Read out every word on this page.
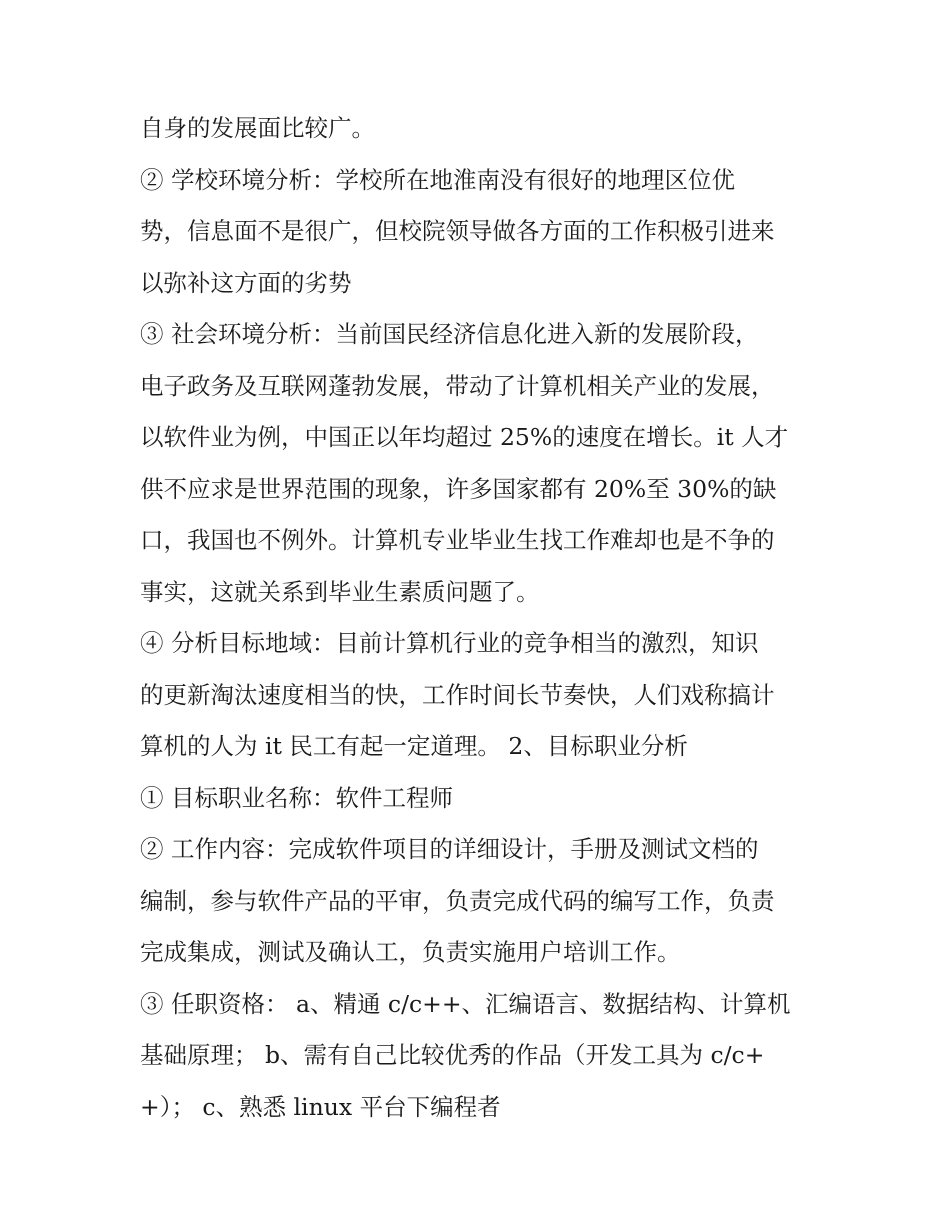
自身的发展面比较广。
② 学校环境分析：学校所在地淮南没有很好的地理区位优
势，信息面不是很广，但校院领导做各方面的工作积极引进来
以弥补这方面的劣势
③ 社会环境分析：当前国民经济信息化进入新的发展阶段，
电子政务及互联网蓬勃发展，带动了计算机相关产业的发展，
以软件业为例，中国正以年均超过 25%的速度在增长。it 人才
供不应求是世界范围的现象，许多国家都有 20%至 30%的缺
口，我国也不例外。计算机专业毕业生找工作难却也是不争的
事实，这就关系到毕业生素质问题了。
④ 分析目标地域：目前计算机行业的竞争相当的激烈，知识
的更新淘汰速度相当的快，工作时间长节奏快，人们戏称搞计
算机的人为 it 民工有起一定道理。 2、目标职业分析
① 目标职业名称：软件工程师
② 工作内容：完成软件项目的详细设计，手册及测试文档的
编制，参与软件产品的平审，负责完成代码的编写工作，负责
完成集成，测试及确认工，负责实施用户培训工作。
③ 任职资格： a、精通 c/c++、汇编语言、数据结构、计算机
基础原理； b、需有自己比较优秀的作品（开发工具为 c/c+
+）； c、熟悉 linux 平台下编程者
